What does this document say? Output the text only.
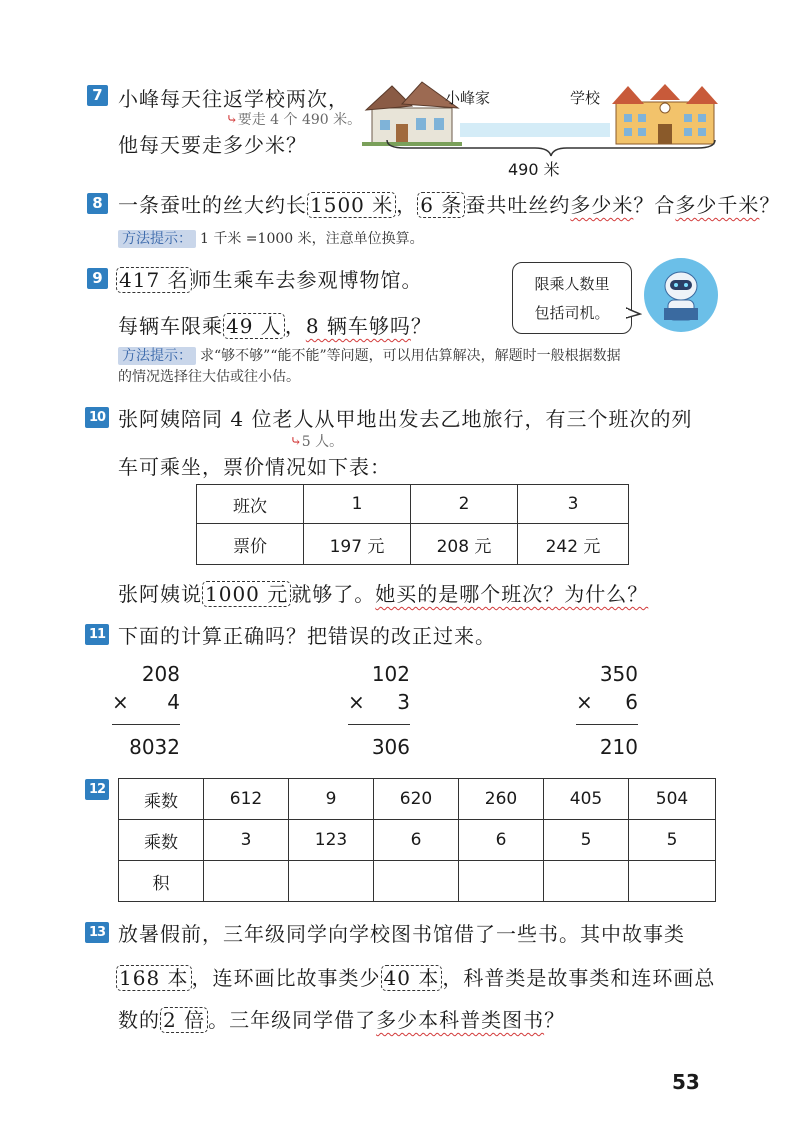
7 小峰每天往返学校两次，
⤷要走 4 个 490 米。
他每天要走多少米？
小峰家	学校
490 米
8 一条蚕吐的丝大约长 1500 米 ， 6 条 蚕共吐丝约多少米？合多少千米？
方法提示： 1 千米 =1000 米，注意单位换算。
9 417 名 师生乘车去参观博物馆。
每辆车限乘 49 人 ，8 辆车够吗？
限乘人数里
包括司机。
方法提示： 求“够不够”“能不能”等问题，可以用估算解决，解题时一般根据数据
的情况选择往大估或往小估。
10 张阿姨陪同 4 位老人从甲地出发去乙地旅行，有三个班次的列
⤷5 人。
车可乘坐，票价情况如下表：
班次	1	2	3
票价	197 元	208 元	242 元
张阿姨说 1000 元 就够了。她买的是哪个班次？为什么？
11 下面的计算正确吗？把错误的改正过来。
208
× 4
8032
102
× 3
306
350
× 6
210
12
乘数	612	9	620	260	405	504
乘数	3	123	6	6	5	5
积						
13 放暑假前，三年级同学向学校图书馆借了一些书。其中故事类
168 本 ，连环画比故事类少 40 本 ，科普类是故事类和连环画总
数的 2 倍 。三年级同学借了多少本科普类图书？
53
